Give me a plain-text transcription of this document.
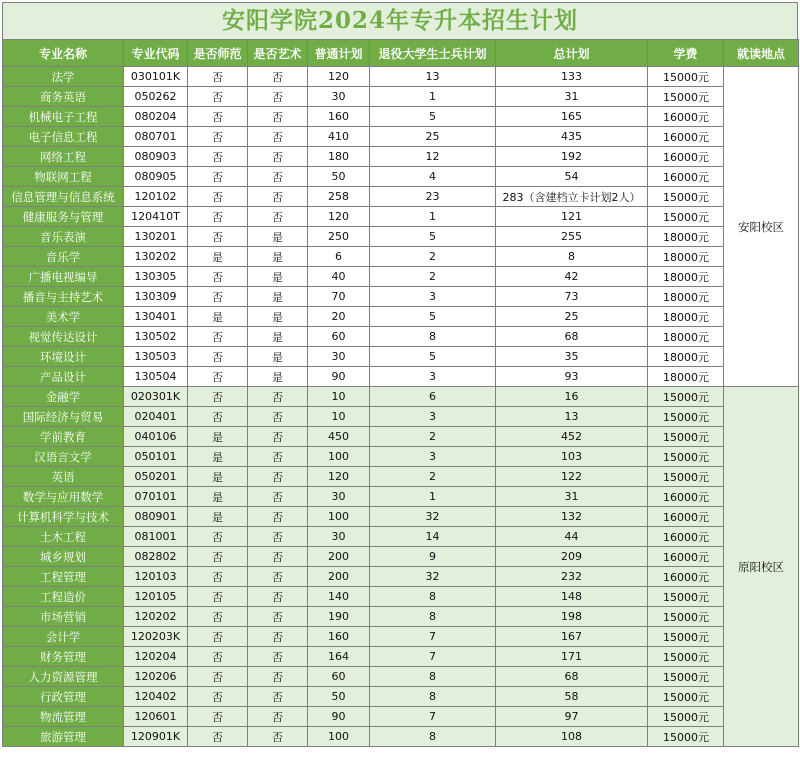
安阳学院2024年专升本招生计划
专业名称	专业代码	是否师范	是否艺术	普通计划	退役大学生士兵计划	总计划	学费	就读地点
法学	030101K	否	否	120	13	133	15000元	安阳校区
商务英语	050262	否	否	30	1	31	15000元	
机械电子工程	080204	否	否	160	5	165	16000元	
电子信息工程	080701	否	否	410	25	435	16000元	
网络工程	080903	否	否	180	12	192	16000元	
物联网工程	080905	否	否	50	4	54	16000元	
信息管理与信息系统	120102	否	否	258	23	283（含建档立卡计划2人）	15000元	
健康服务与管理	120410T	否	否	120	1	121	15000元	
音乐表演	130201	否	是	250	5	255	18000元	
音乐学	130202	是	是	6	2	8	18000元	
广播电视编导	130305	否	是	40	2	42	18000元	
播音与主持艺术	130309	否	是	70	3	73	18000元	
美术学	130401	是	是	20	5	25	18000元	
视觉传达设计	130502	否	是	60	8	68	18000元	
环境设计	130503	否	是	30	5	35	18000元	
产品设计	130504	否	是	90	3	93	18000元	
金融学	020301K	否	否	10	6	16	15000元	原阳校区
国际经济与贸易	020401	否	否	10	3	13	15000元	
学前教育	040106	是	否	450	2	452	15000元	
汉语言文学	050101	是	否	100	3	103	15000元	
英语	050201	是	否	120	2	122	15000元	
数学与应用数学	070101	是	否	30	1	31	16000元	
计算机科学与技术	080901	是	否	100	32	132	16000元	
土木工程	081001	否	否	30	14	44	16000元	
城乡规划	082802	否	否	200	9	209	16000元	
工程管理	120103	否	否	200	32	232	16000元	
工程造价	120105	否	否	140	8	148	15000元	
市场营销	120202	否	否	190	8	198	15000元	
会计学	120203K	否	否	160	7	167	15000元	
财务管理	120204	否	否	164	7	171	15000元	
人力资源管理	120206	否	否	60	8	68	15000元	
行政管理	120402	否	否	50	8	58	15000元	
物流管理	120601	否	否	90	7	97	15000元	
旅游管理	120901K	否	否	100	8	108	15000元	
